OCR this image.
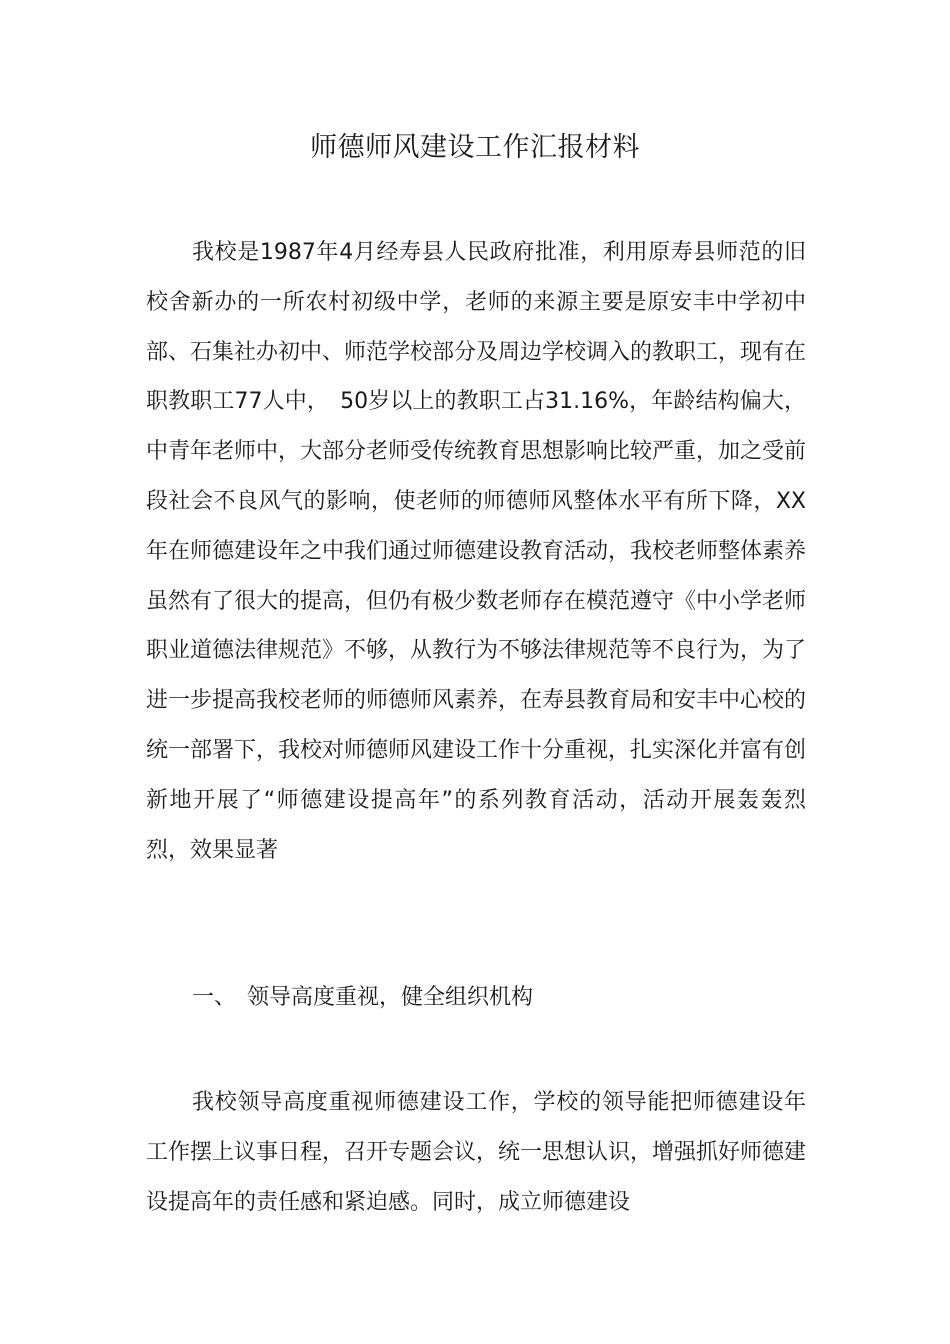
师德师风建设工作汇报材料
我校是1987年4月经寿县人民政府批准，利用原寿县师范的旧校舍新办的一所农村初级中学，老师的来源主要是原安丰中学初中部、石集社办初中、师范学校部分及周边学校调入的教职工，现有在职教职工77人中，　50岁以上的教职工占31.16%，年龄结构偏大，中青年老师中，大部分老师受传统教育思想影响比较严重，加之受前段社会不良风气的影响，使老师的师德师风整体水平有所下降，XX年在师德建设年之中我们通过师德建设教育活动，我校老师整体素养虽然有了很大的提高，但仍有极少数老师存在模范遵守《中小学老师职业道德法律规范》不够，从教行为不够法律规范等不良行为，为了进一步提高我校老师的师德师风素养，在寿县教育局和安丰中心校的统一部署下，我校对师德师风建设工作十分重视，扎实深化并富有创新地开展了“师德建设提高年”的系列教育活动，活动开展轰轰烈烈，效果显著
一、　领导高度重视，健全组织机构
我校领导高度重视师德建设工作，学校的领导能把师德建设年工作摆上议事日程，召开专题会议，统一思想认识，增强抓好师德建设提高年的责任感和紧迫感。同时，成立师德建设
